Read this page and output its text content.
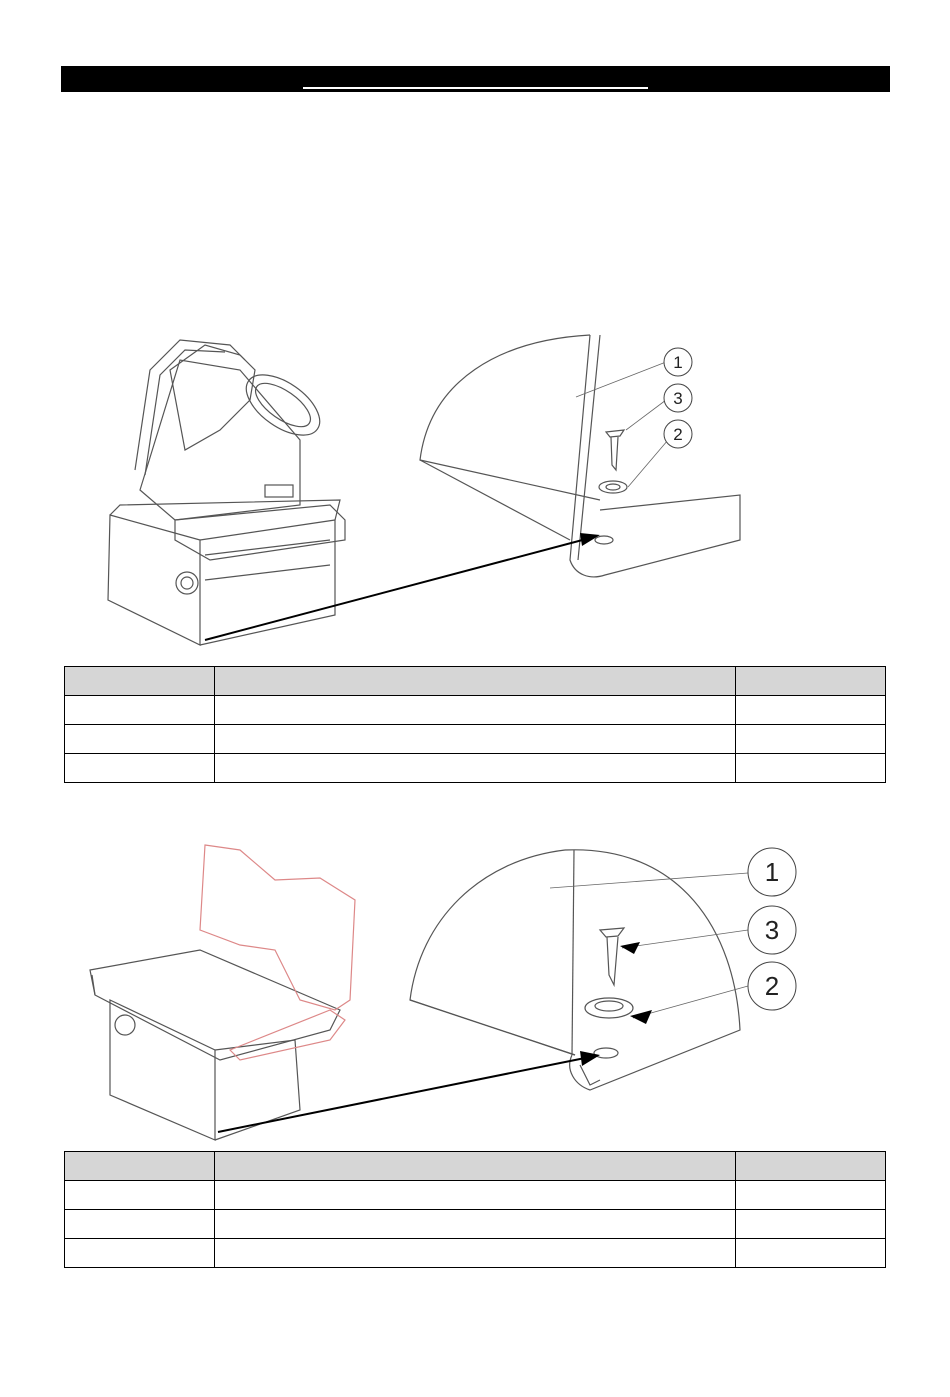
1
3
2

1
3
2
